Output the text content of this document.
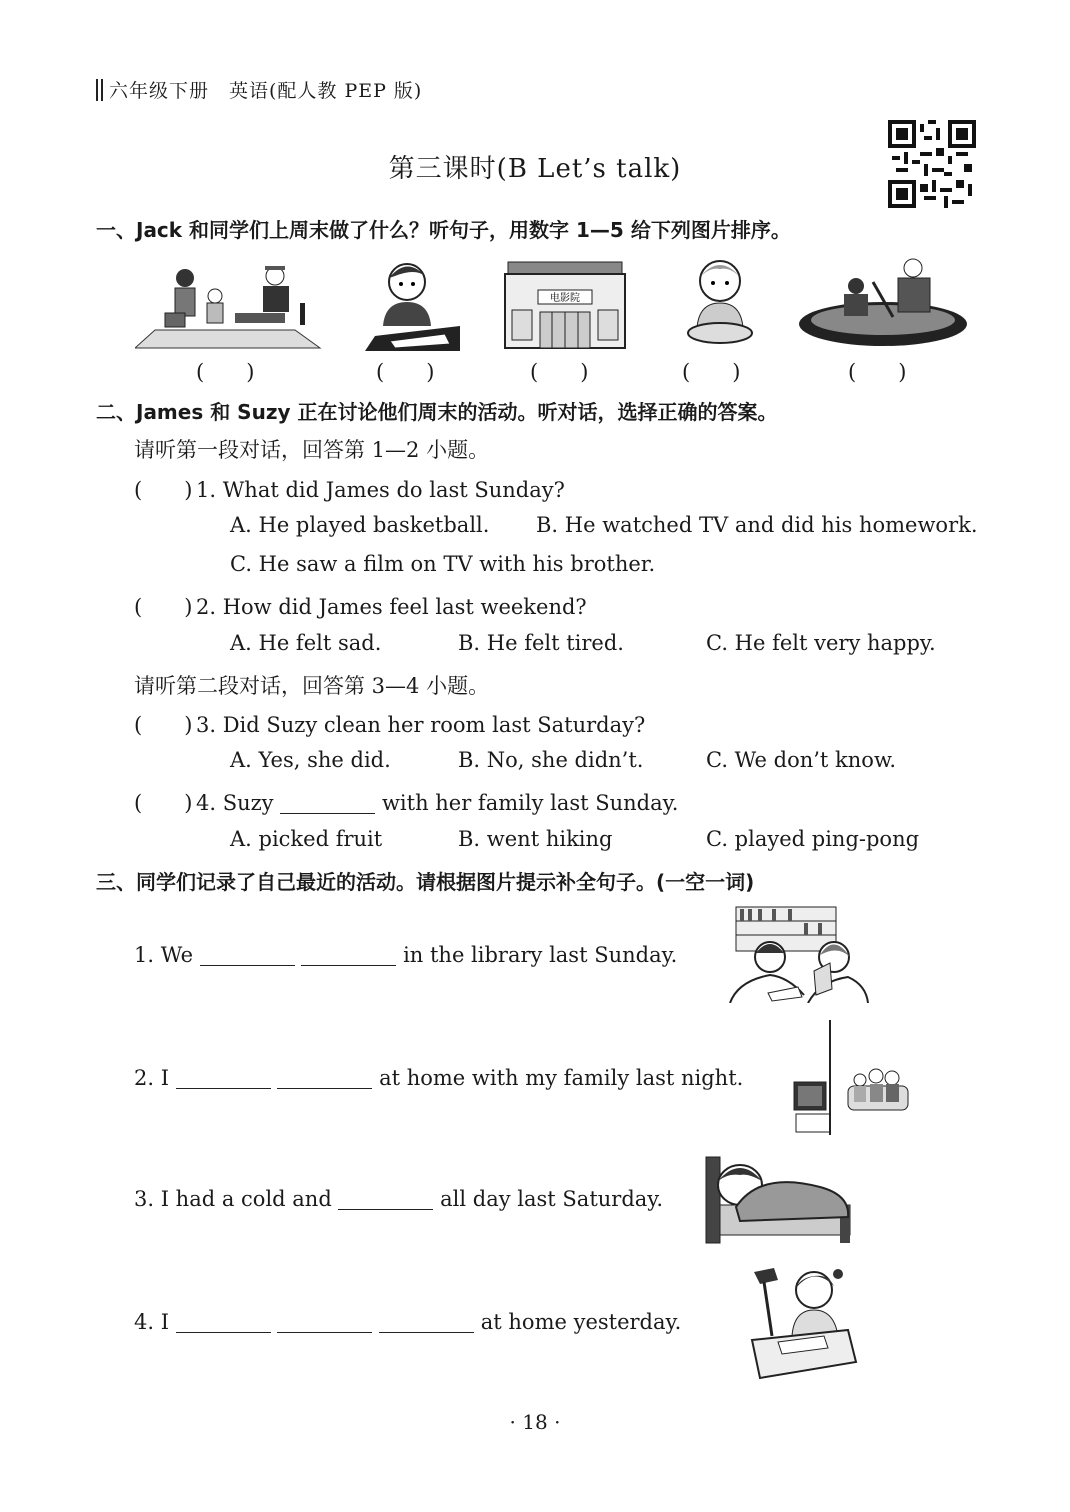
六年级下册　英语(配人教 PEP 版)
第三课时(B Let’s talk)
一、Jack 和同学们上周末做了什么？听句子，用数字 1—5 给下列图片排序。
电影院
(　　)	(　　)	(　　)	(　　)	(　　)
二、James 和 Suzy 正在讨论他们周末的活动。听对话，选择正确的答案。
请听第一段对话，回答第 1—2 小题。
(　　) 1. What did James do last Sunday?
A. He played basketball. B. He watched TV and did his homework.
C. He saw a film on TV with his brother.
(　　) 2. How did James feel last weekend?
A. He felt sad.	B. He felt tired.	C. He felt very happy.
请听第二段对话，回答第 3—4 小题。
(　　) 3. Did Suzy clean her room last Saturday?
A. Yes, she did.	B. No, she didn’t.	C. We don’t know.
(　　) 4. Suzy	with her family last Sunday.
A. picked fruit	B. went hiking	C. played ping-pong
三、同学们记录了自己最近的活动。请根据图片提示补全句子。(一空一词)
1. We	in the library last Sunday.
2. I	at home with my family last night.
3. I had a cold and	all day last Saturday.
4. I	at home yesterday.
· 18 ·
